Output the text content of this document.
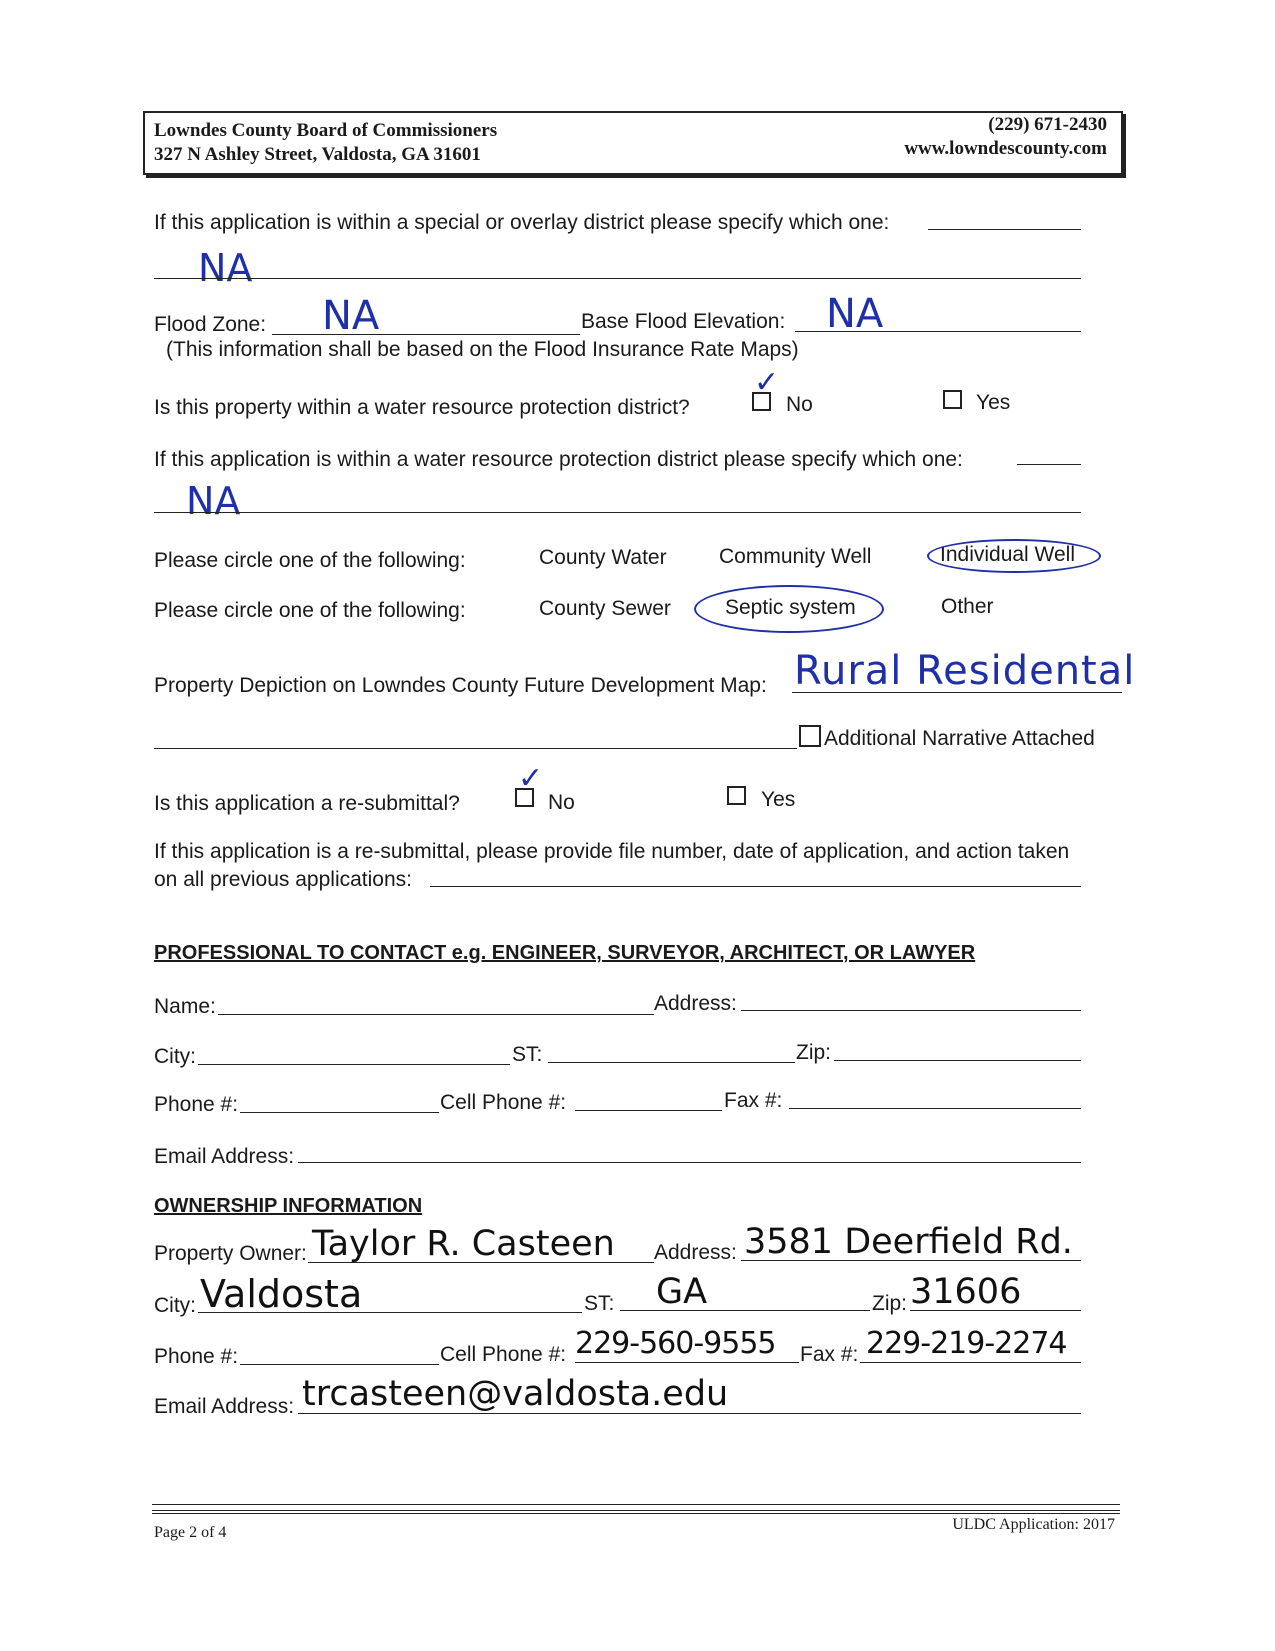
Lowndes County Board of Commissioners
327 N Ashley Street, Valdosta, GA 31601
(229) 671-2430
www.lowndescounty.com
If this application is within a special or overlay district please specify which one:
NA
Flood Zone: NA	Base Flood Elevation: NA
(This information shall be based on the Flood Insurance Rate Maps)
Is this property within a water resource protection district?
✓
No	Yes
If this application is within a water resource protection district please specify which one:
NA
Please circle one of the following:	County Water Community Well	Individual Well
Please circle one of the following:	County Sewer	Septic system	Other
Property Depiction on Lowndes County Future Development Map: Rural Residental
Additional Narrative Attached
Is this application a re-submittal?
✓
No	Yes
If this application is a re-submittal, please provide file number, date of application, and action taken
on all previous applications:
PROFESSIONAL TO CONTACT e.g. ENGINEER, SURVEYOR, ARCHITECT, OR LAWYER
Name:	Address:
City:	ST:	Zip:
Phone #:	Cell Phone #:	Fax #:
Email Address:
OWNERSHIP INFORMATION
Property Owner: Taylor R. Casteen Address: 3581 Deerfield Rd.
City: Valdosta	ST: GA	Zip: 31606
Phone #:	Cell Phone #: 229-560-9555 Fax #: 229-219-2274
Email Address: trcasteen@valdosta.edu
Page 2 of 4	ULDC Application: 2017
